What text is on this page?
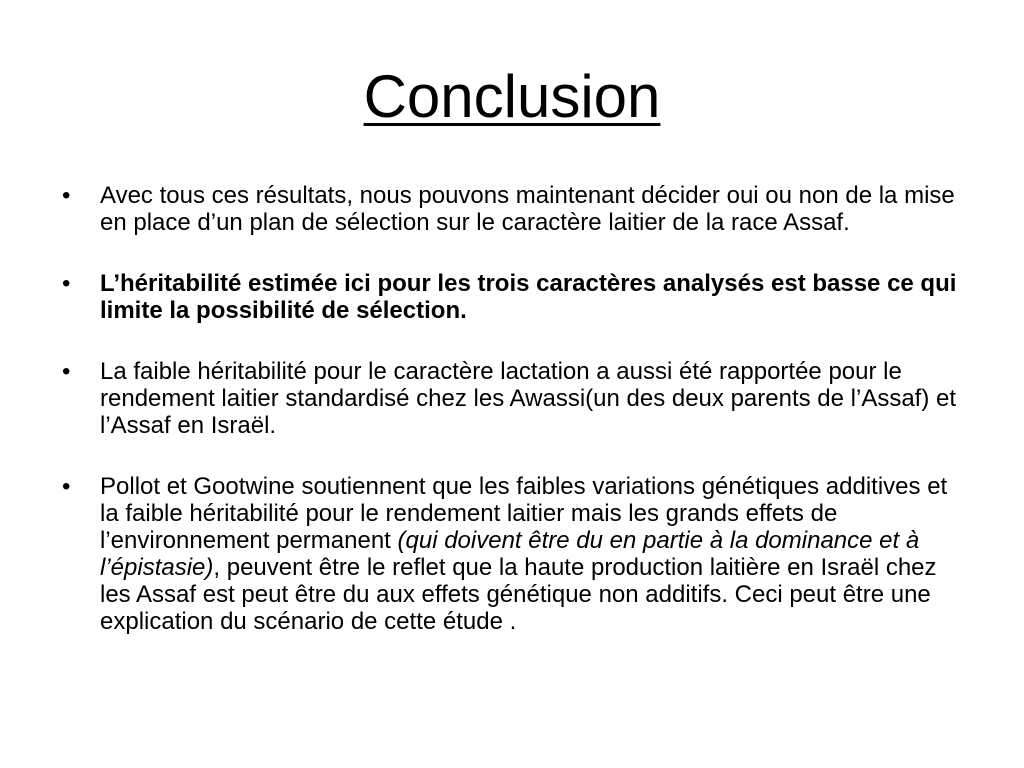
Conclusion
•	Avec tous ces résultats, nous pouvons maintenant décider oui ou non de la mise en place d’un plan de sélection sur le caractère laitier de la race Assaf.
•	L’héritabilité estimée ici pour les trois caractères analysés est basse ce qui limite la possibilité de sélection.
•	La faible héritabilité pour le caractère lactation a aussi été rapportée pour le rendement laitier standardisé chez les Awassi(un des deux parents de l’Assaf) et l’Assaf en Israël.
•	Pollot et Gootwine soutiennent que les faibles variations génétiques additives et la faible héritabilité pour le rendement laitier mais les grands effets de l’environnement permanent (qui doivent être du en partie à la dominance et à l’épistasie), peuvent être le reflet que la haute production laitière en Israël chez les Assaf est peut être du aux effets génétique non additifs. Ceci peut être une explication du scénario de cette étude .
